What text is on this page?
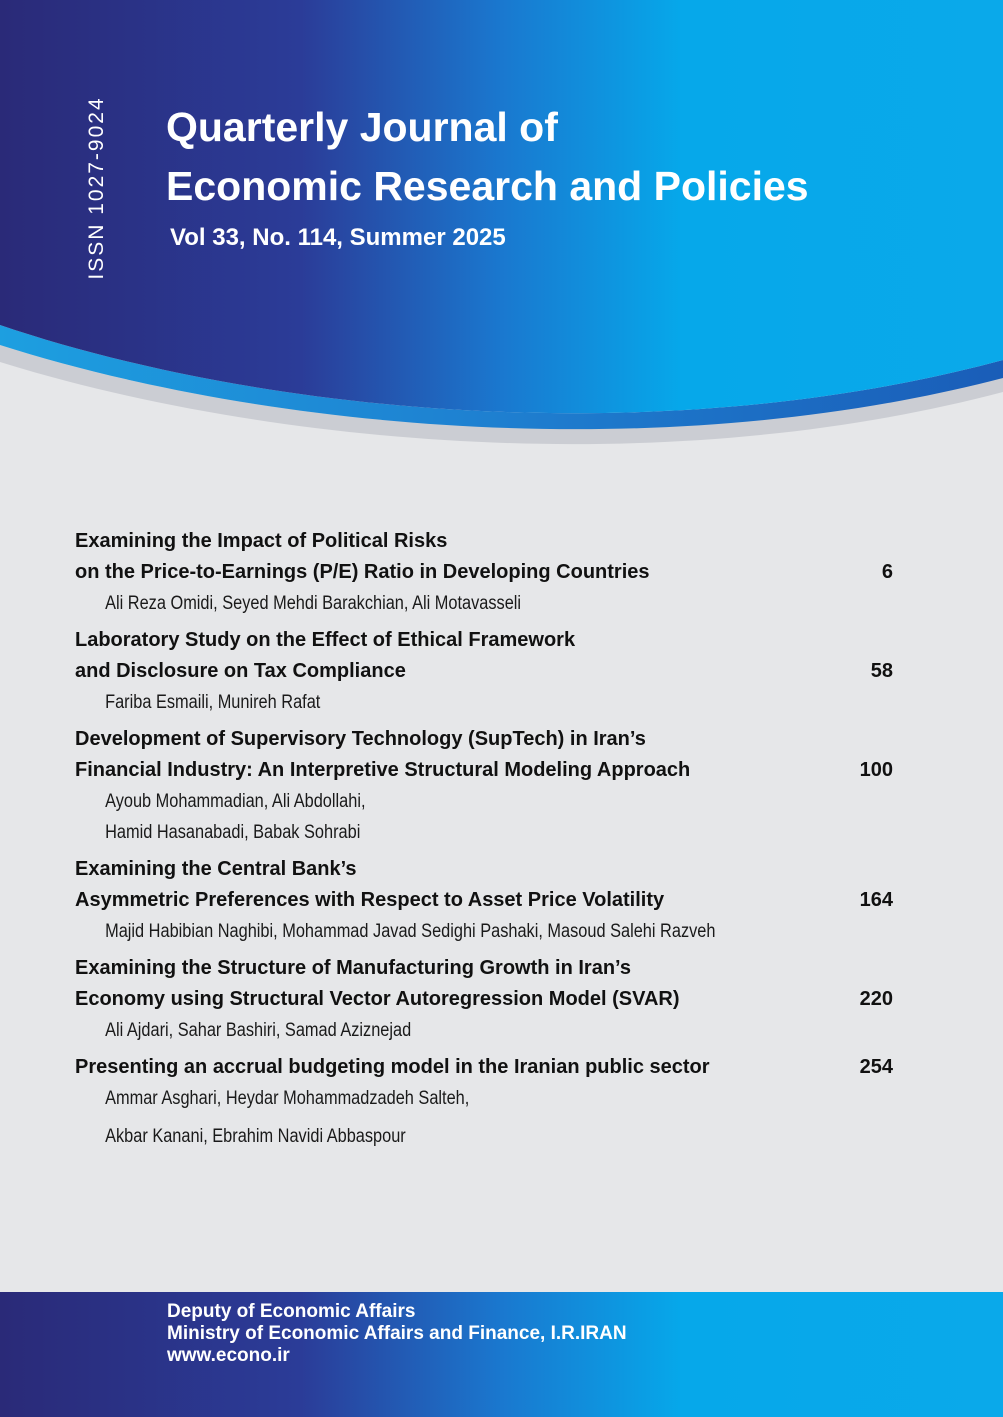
ISSN 1027-9024 Quarterly Journal of
Economic Research and Policies
Vol 33, No. 114, Summer 2025
Examining the Impact of Political Risks
on the Price-to-Earnings (P/E) Ratio in Developing Countries	6
Ali Reza Omidi, Seyed Mehdi Barakchian, Ali Motavasseli
Laboratory Study on the Effect of Ethical Framework
and Disclosure on Tax Compliance	58
Fariba Esmaili, Munireh Rafat
Development of Supervisory Technology (SupTech) in Iran’s
Financial Industry: An Interpretive Structural Modeling Approach	100
Ayoub Mohammadian, Ali Abdollahi,
Hamid Hasanabadi, Babak Sohrabi
Examining the Central Bank’s
Asymmetric Preferences with Respect to Asset Price Volatility	164
Majid Habibian Naghibi, Mohammad Javad Sedighi Pashaki, Masoud Salehi Razveh
Examining the Structure of Manufacturing Growth in Iran’s
Economy using Structural Vector Autoregression Model (SVAR)	220
Ali Ajdari, Sahar Bashiri, Samad Aziznejad
Presenting an accrual budgeting model in the Iranian public sector	254
Ammar Asghari, Heydar Mohammadzadeh Salteh,
Akbar Kanani, Ebrahim Navidi Abbaspour
Deputy of Economic Affairs
Ministry of Economic Affairs and Finance, I.R.IRAN
www.econo.ir
